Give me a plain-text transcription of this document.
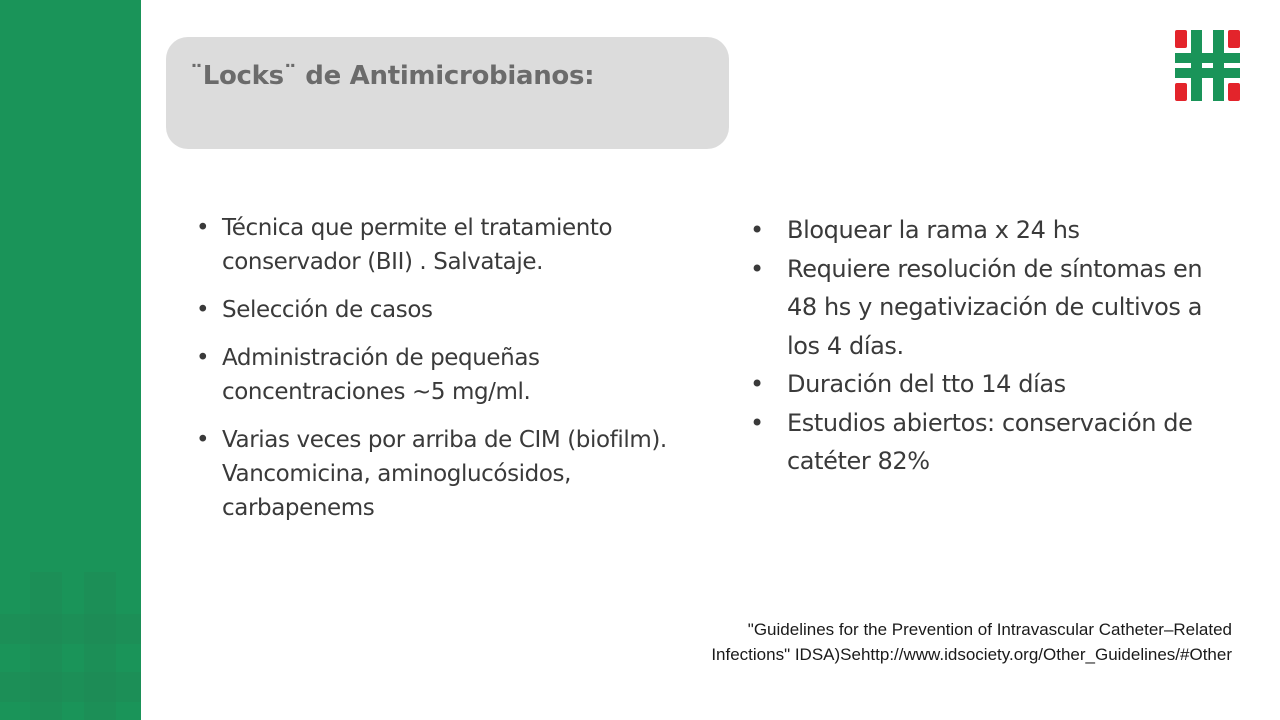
¨Locks¨ de Antimicrobianos:
• Técnica que permite el tratamiento conservador (BII) . Salvataje.
• Selección de casos
• Administración de pequeñas concentraciones ~5 mg/ml.
• Varias veces por arriba de CIM (biofilm). Vancomicina, aminoglucósidos, carbapenems
• Bloquear la rama x 24 hs
• Requiere resolución de síntomas en 48 hs y negativización de cultivos a los 4 días.
• Duración del tto 14 días
• Estudios abiertos: conservación de catéter 82%

"Guidelines for the Prevention of Intravascular Catheter–Related
Infections" IDSA)Sehttp://www.idsociety.org/Other_Guidelines/#Other
